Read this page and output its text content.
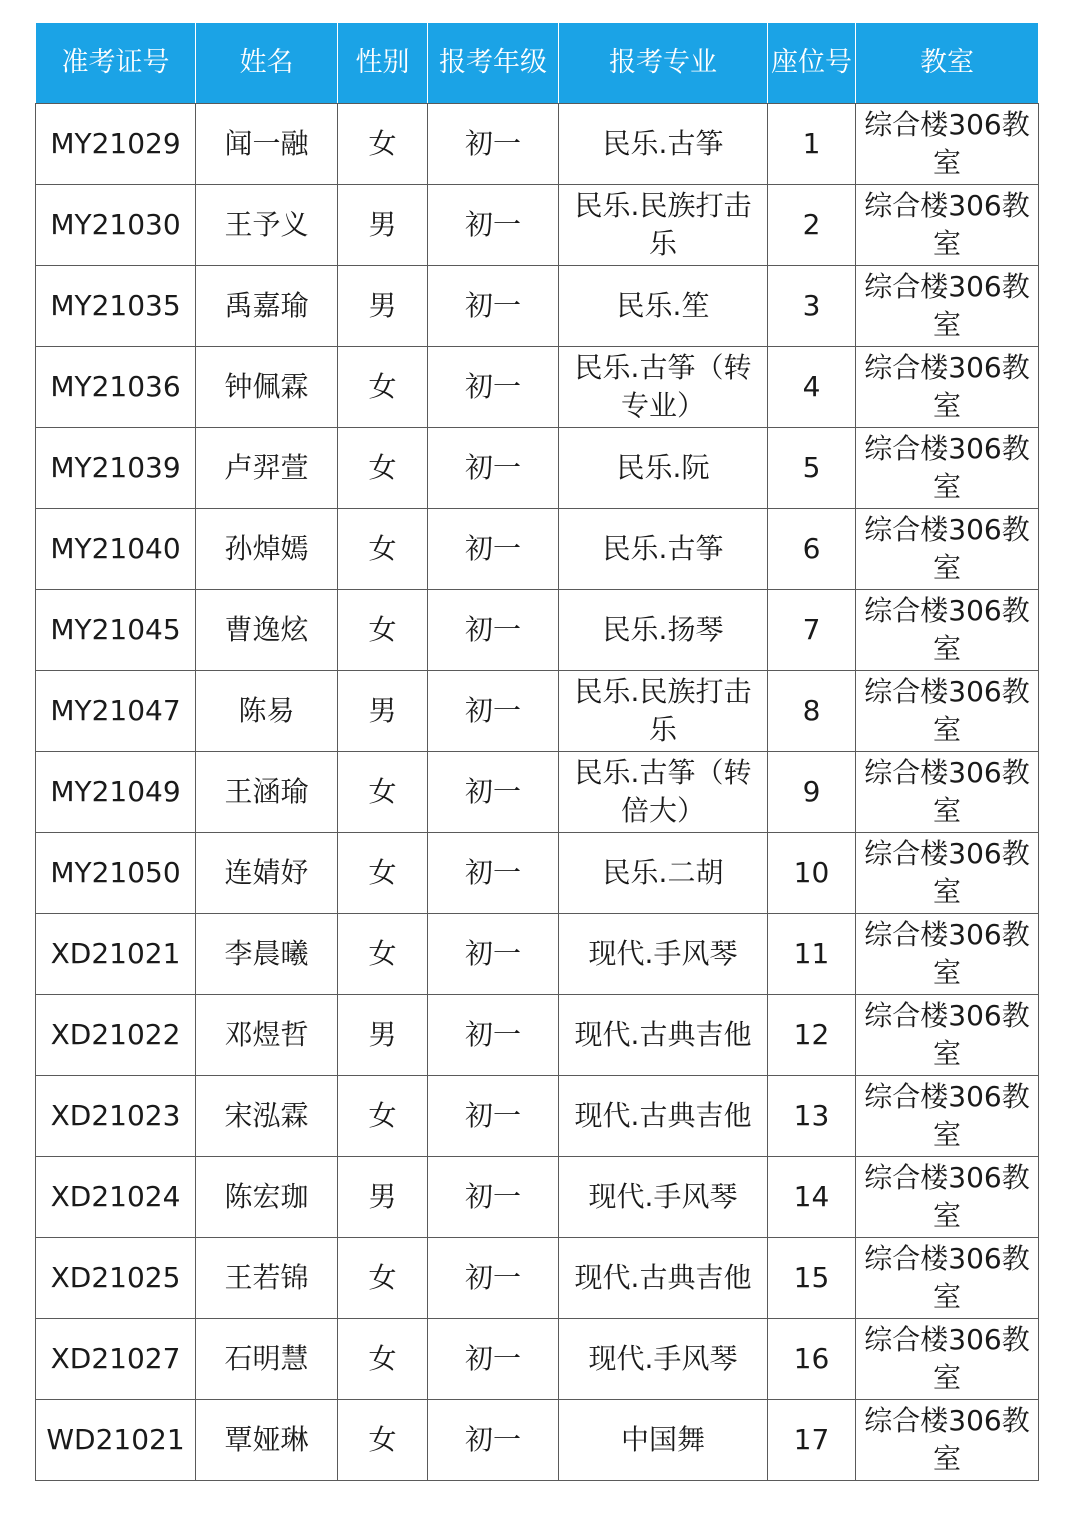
准考证号	姓名	性别	报考年级	报考专业	座位号	教室
MY21029	闻一融	女	初一	民乐.古筝	1	综合楼306教室
MY21030	王予义	男	初一	民乐.民族打击乐	2	综合楼306教室
MY21035	禹嘉瑜	男	初一	民乐.笙	3	综合楼306教室
MY21036	钟佩霖	女	初一	民乐.古筝（转专业）	4	综合楼306教室
MY21039	卢羿萱	女	初一	民乐.阮	5	综合楼306教室
MY21040	孙焯嫣	女	初一	民乐.古筝	6	综合楼306教室
MY21045	曹逸炫	女	初一	民乐.扬琴	7	综合楼306教室
MY21047	陈易	男	初一	民乐.民族打击乐	8	综合楼306教室
MY21049	王涵瑜	女	初一	民乐.古筝（转倍大）	9	综合楼306教室
MY21050	连婧妤	女	初一	民乐.二胡	10	综合楼306教室
XD21021	李晨曦	女	初一	现代.手风琴	11	综合楼306教室
XD21022	邓煜哲	男	初一	现代.古典吉他	12	综合楼306教室
XD21023	宋泓霖	女	初一	现代.古典吉他	13	综合楼306教室
XD21024	陈宏珈	男	初一	现代.手风琴	14	综合楼306教室
XD21025	王若锦	女	初一	现代.古典吉他	15	综合楼306教室
XD21027	石明慧	女	初一	现代.手风琴	16	综合楼306教室
WD21021	覃娅琳	女	初一	中国舞	17	综合楼306教室
